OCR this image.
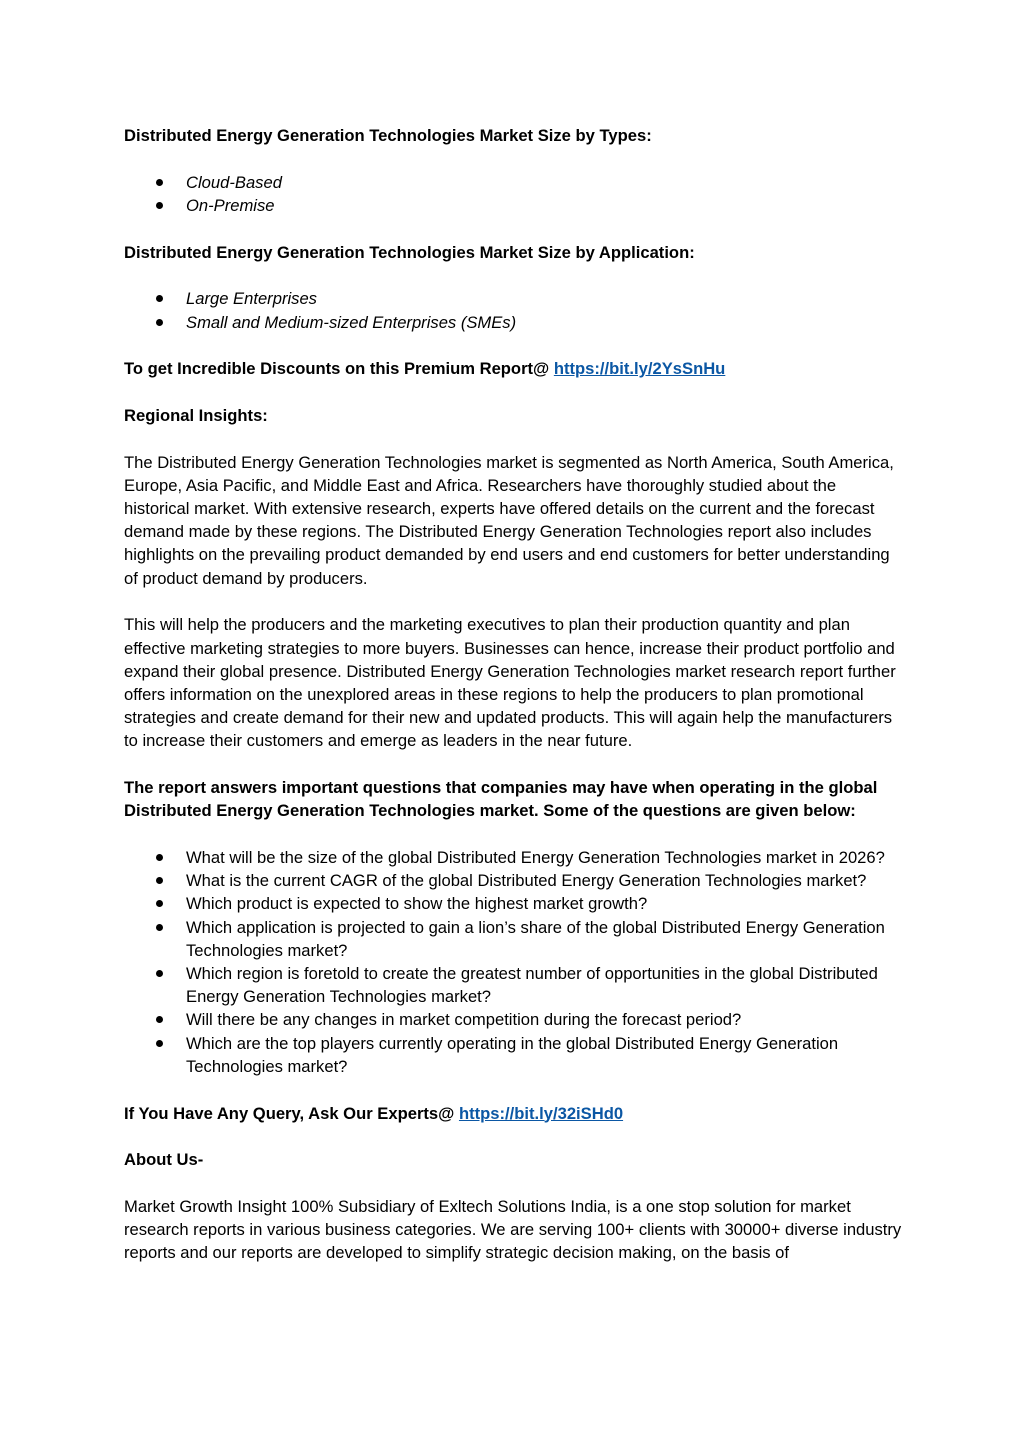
Distributed Energy Generation Technologies Market Size by Types:

Cloud-Based
On-Premise

Distributed Energy Generation Technologies Market Size by Application:

Large Enterprises
Small and Medium-sized Enterprises (SMEs)

To get Incredible Discounts on this Premium Report@ https://bit.ly/2YsSnHu

Regional Insights:

The Distributed Energy Generation Technologies market is segmented as North America, South America, Europe, Asia Pacific, and Middle East and Africa. Researchers have thoroughly studied about the historical market. With extensive research, experts have offered details on the current and the forecast demand made by these regions. The Distributed Energy Generation Technologies report also includes highlights on the prevailing product demanded by end users and end customers for better understanding of product demand by producers.

This will help the producers and the marketing executives to plan their production quantity and plan effective marketing strategies to more buyers. Businesses can hence, increase their product portfolio and expand their global presence. Distributed Energy Generation Technologies market research report further offers information on the unexplored areas in these regions to help the producers to plan promotional strategies and create demand for their new and updated products. This will again help the manufacturers to increase their customers and emerge as leaders in the near future.

The report answers important questions that companies may have when operating in the global Distributed Energy Generation Technologies market. Some of the questions are given below:

What will be the size of the global Distributed Energy Generation Technologies market in 2026?
What is the current CAGR of the global Distributed Energy Generation Technologies market?
Which product is expected to show the highest market growth?
Which application is projected to gain a lion’s share of the global Distributed Energy Generation Technologies market?
Which region is foretold to create the greatest number of opportunities in the global Distributed Energy Generation Technologies market?
Will there be any changes in market competition during the forecast period?
Which are the top players currently operating in the global Distributed Energy Generation Technologies market?

If You Have Any Query, Ask Our Experts@ https://bit.ly/32iSHd0

About Us-

Market Growth Insight 100% Subsidiary of Exltech Solutions India, is a one stop solution for market research reports in various business categories. We are serving 100+ clients with 30000+ diverse industry reports and our reports are developed to simplify strategic decision making, on the basis of
